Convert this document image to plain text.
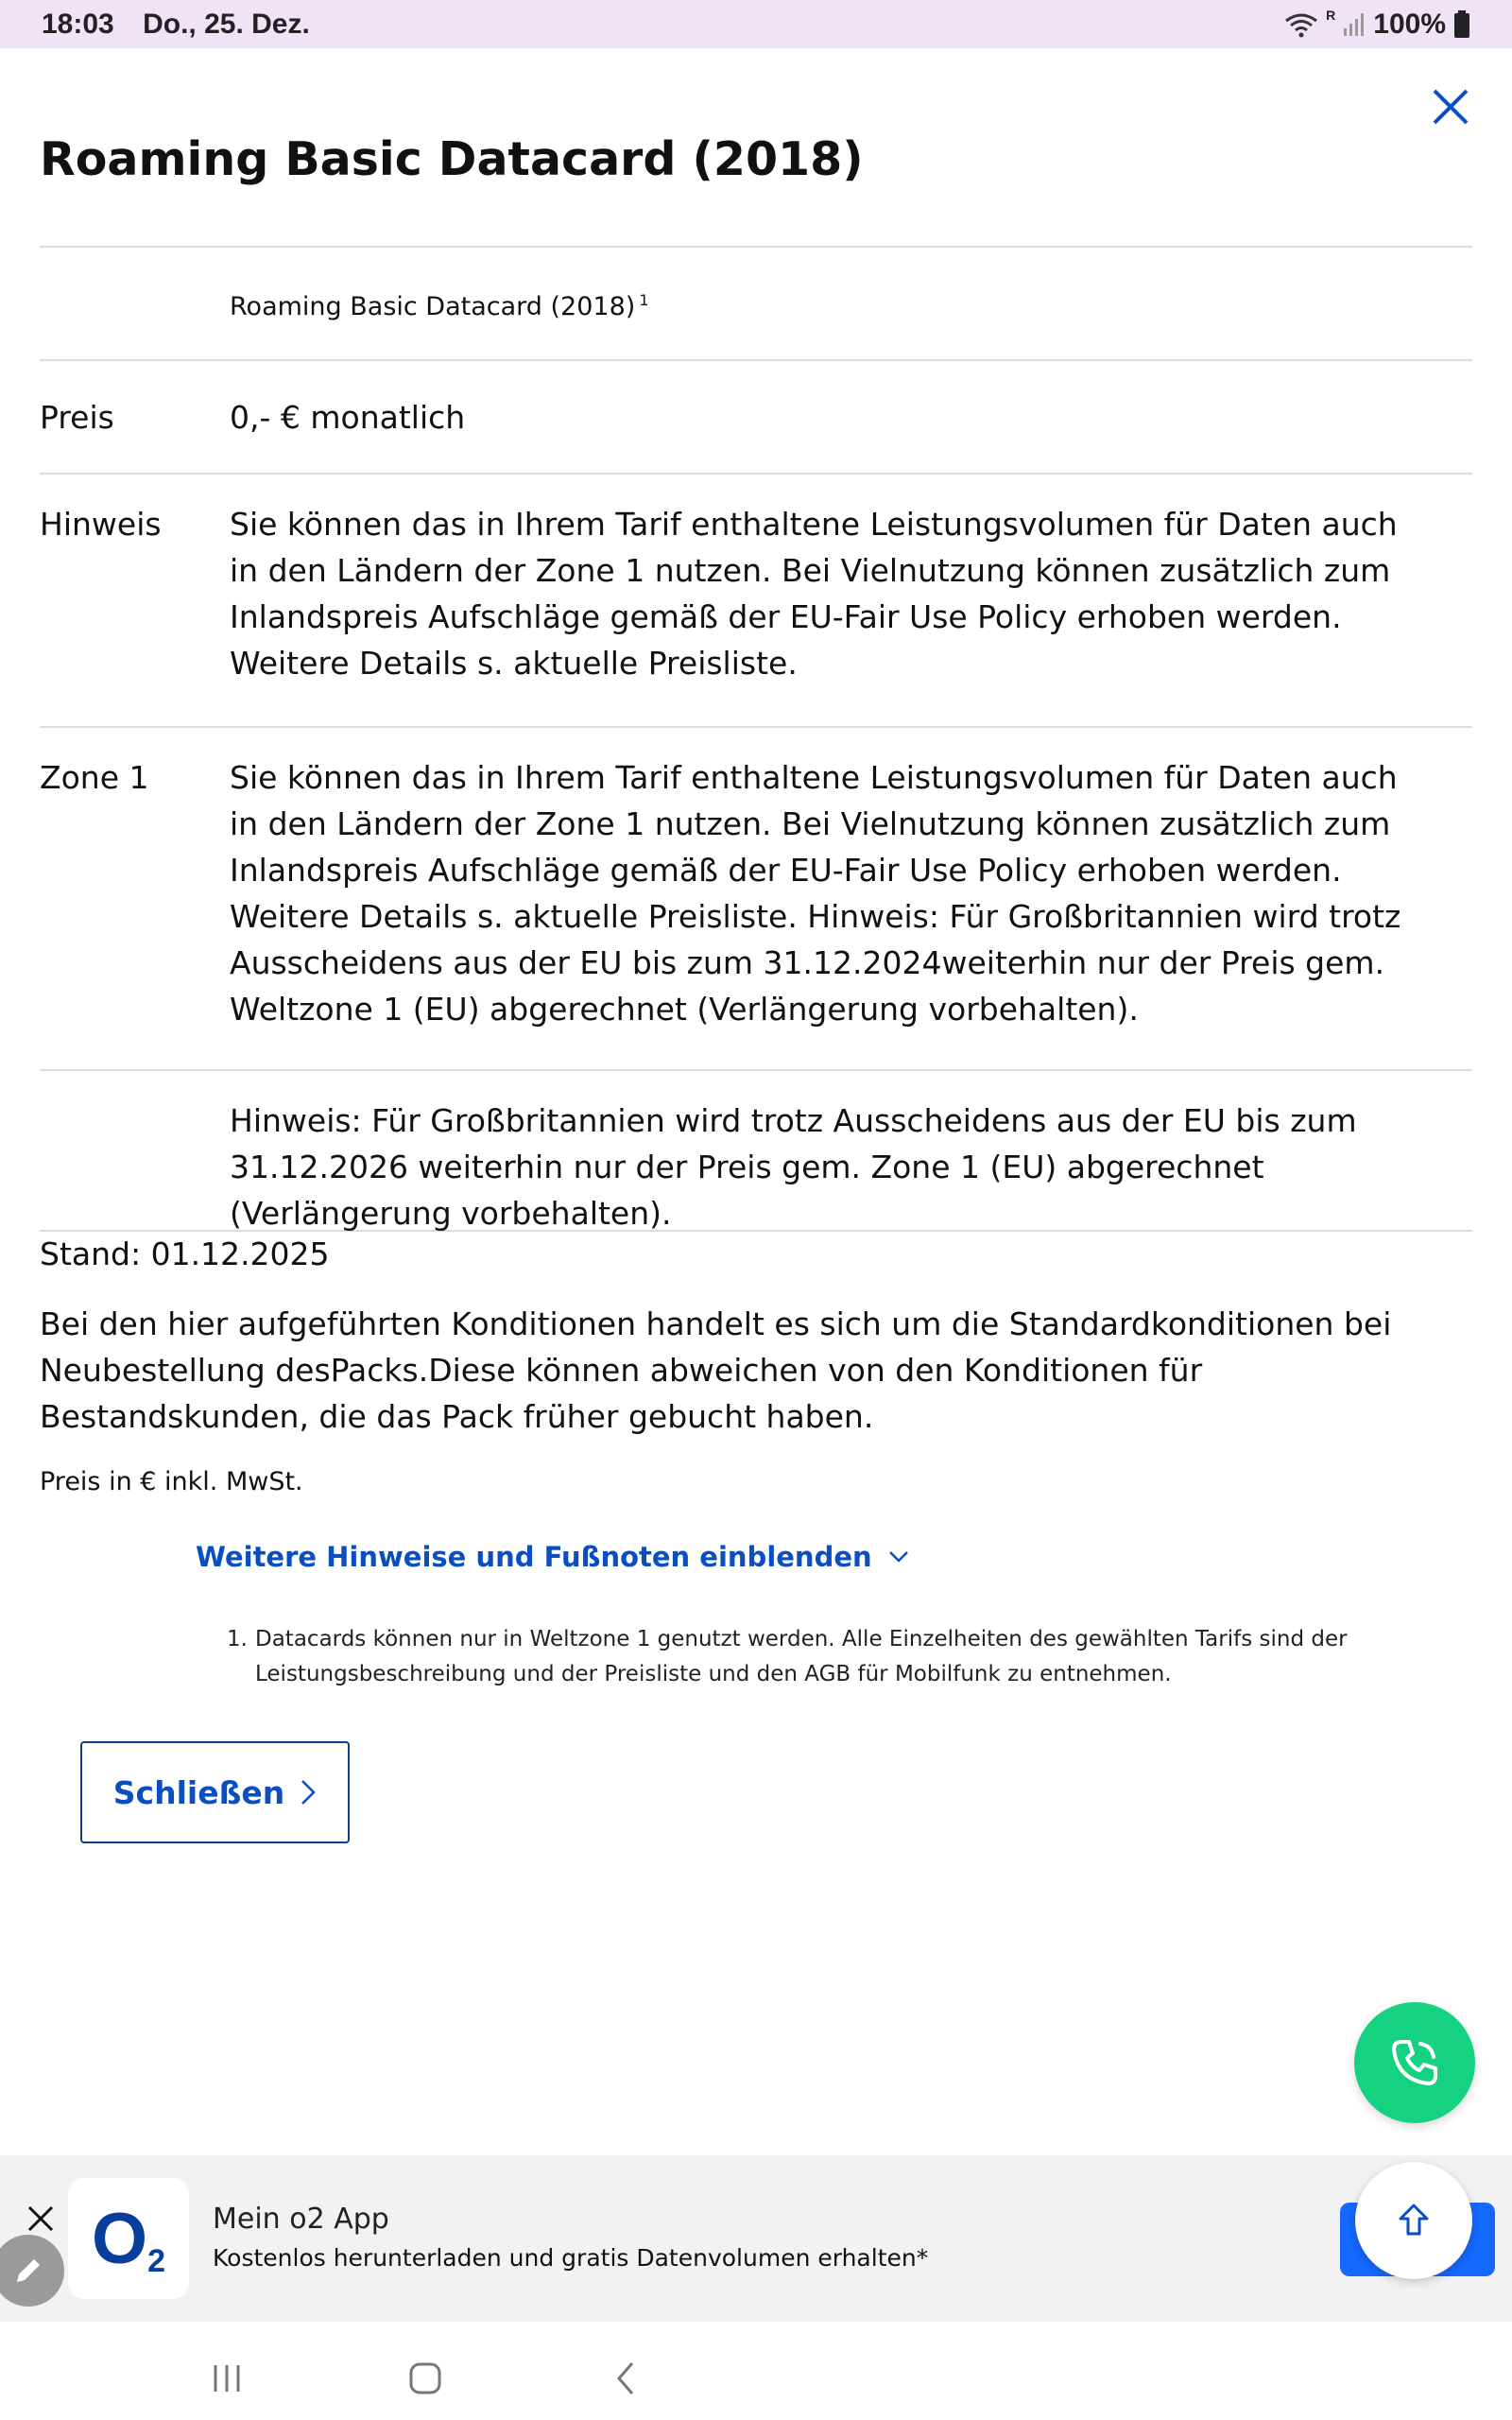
18:03 Do., 25. Dez.	R 100%
Roaming Basic Datacard (2018)
Roaming Basic Datacard (2018) $^1$
Preis	0,- € monatlich
Hinweis	Sie können das in Ihrem Tarif enthaltene Leistungsvolumen für Daten auch in den Ländern der Zone 1 nutzen. Bei Vielnutzung können zusätzlich zum Inlandspreis Aufschläge gemäß der EU-Fair Use Policy erhoben werden. Weitere Details s. aktuelle Preisliste.
Zone 1	Sie können das in Ihrem Tarif enthaltene Leistungsvolumen für Daten auch in den Ländern der Zone 1 nutzen. Bei Vielnutzung können zusätzlich zum Inlandspreis Aufschläge gemäß der EU-Fair Use Policy erhoben werden. Weitere Details s. aktuelle Preisliste. Hinweis: Für Großbritannien wird trotz Ausscheidens aus der EU bis zum 31.12.2024weiterhin nur der Preis gem. Weltzone 1 (EU) abgerechnet (Verlängerung vorbehalten).
Hinweis: Für Großbritannien wird trotz Ausscheidens aus der EU bis zum 31.12.2026 weiterhin nur der Preis gem. Zone 1 (EU) abgerechnet (Verlängerung vorbehalten).
Stand: 01.12.2025
Bei den hier aufgeführten Konditionen handelt es sich um die Standardkonditionen bei Neubestellung desPacks.Diese können abweichen von den Konditionen für Bestandskunden, die das Pack früher gebucht haben.
Preis in € inkl. MwSt.
Weitere Hinweise und Fußnoten einblenden
1. Datacards können nur in Weltzone 1 genutzt werden. Alle Einzelheiten des gewählten Tarifs sind der Leistungsbeschreibung und der Preisliste und den AGB für Mobilfunk zu entnehmen.
Schließen
O 2
Mein o2 App
Kostenlos herunterladen und gratis Datenvolumen erhalten*
